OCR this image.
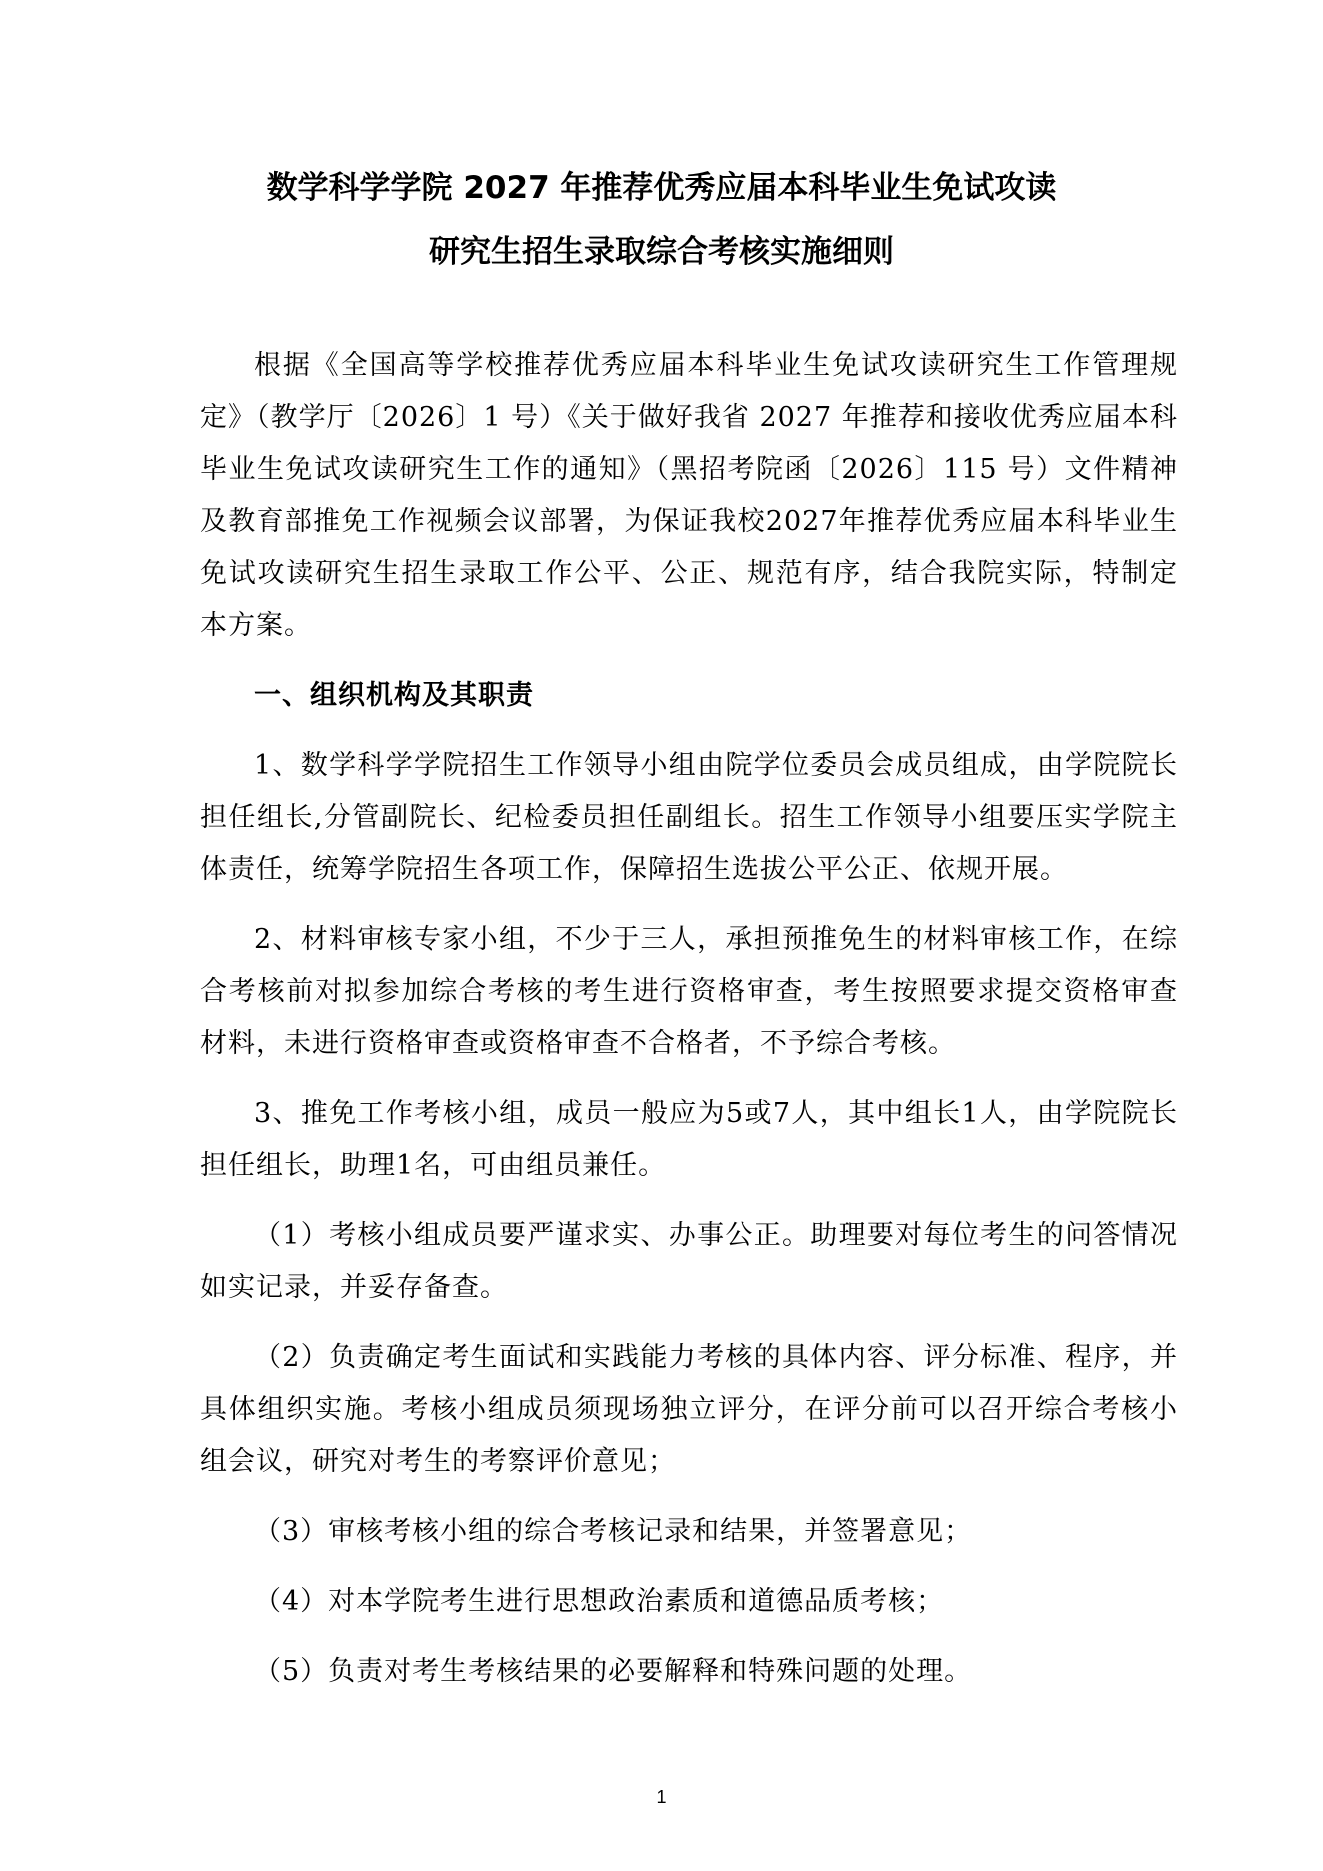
数学科学学院 2027 年推荐优秀应届本科毕业生免试攻读
研究生招生录取综合考核实施细则

根据《全国高等学校推荐优秀应届本科毕业生免试攻读研究生工作管理规定》（教学厅〔2026〕1 号）《关于做好我省 2027 年推荐和接收优秀应届本科毕业生免试攻读研究生工作的通知》（黑招考院函〔2026〕115 号）文件精神及教育部推免工作视频会议部署，为保证我校2027年推荐优秀应届本科毕业生免试攻读研究生招生录取工作公平、公正、规范有序，结合我院实际，特制定本方案。

一、组织机构及其职责

1、数学科学学院招生工作领导小组由院学位委员会成员组成，由学院院长担任组长,分管副院长、纪检委员担任副组长。招生工作领导小组要压实学院主体责任，统筹学院招生各项工作，保障招生选拔公平公正、依规开展。

2、材料审核专家小组，不少于三人，承担预推免生的材料审核工作，在综合考核前对拟参加综合考核的考生进行资格审查，考生按照要求提交资格审查材料，未进行资格审查或资格审查不合格者，不予综合考核。

3、推免工作考核小组，成员一般应为5或7人，其中组长1人，由学院院长担任组长，助理1名，可由组员兼任。

（1）考核小组成员要严谨求实、办事公正。助理要对每位考生的问答情况如实记录，并妥存备查。

（2）负责确定考生面试和实践能力考核的具体内容、评分标准、程序，并具体组织实施。考核小组成员须现场独立评分，在评分前可以召开综合考核小组会议，研究对考生的考察评价意见；

（3）审核考核小组的综合考核记录和结果，并签署意见；

（4）对本学院考生进行思想政治素质和道德品质考核；

（5）负责对考生考核结果的必要解释和特殊问题的处理。

1
